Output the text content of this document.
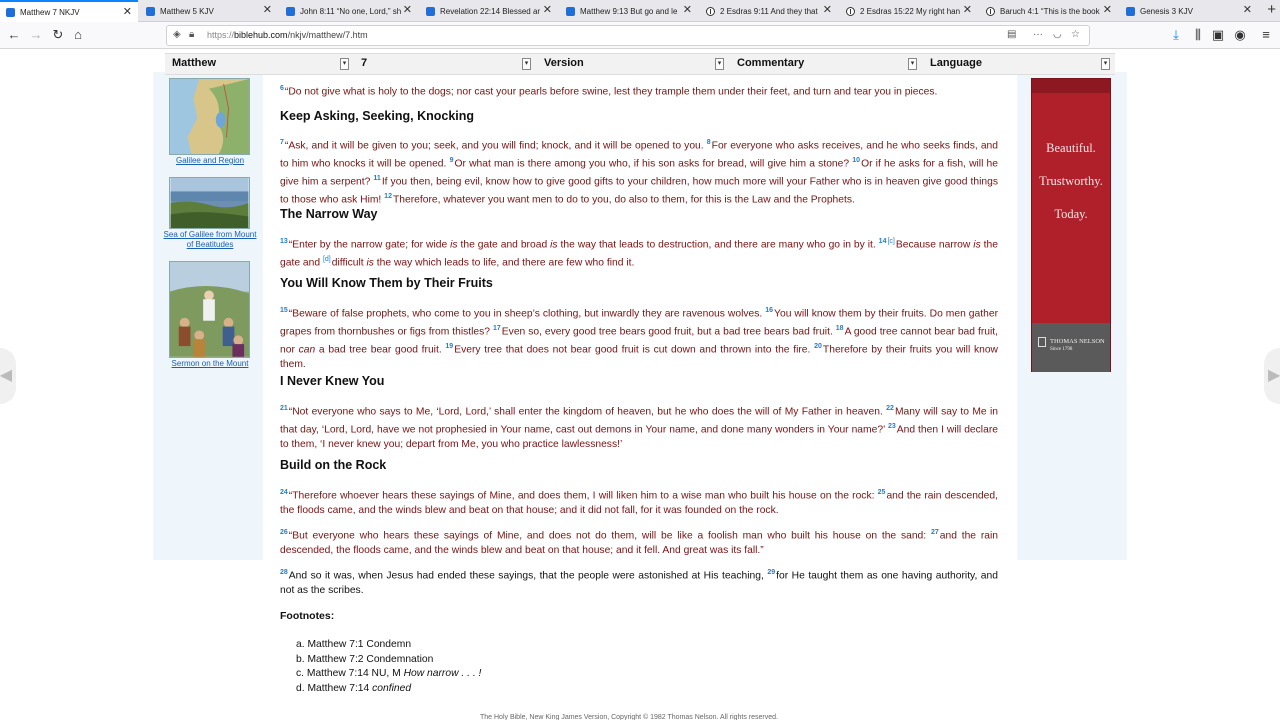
Matthew 7 NKJV	✕	Matthew 5 KJV	✕	John 8:11 “No one, Lord,” sh ✕	Revelation 22:14 Blessed ar ✕	Matthew 9:13 But go and le ✕	2 Esdras 9:11 And they that ✕	2 Esdras 15:22 My right han ✕	Baruch 4:1 “This is the book ✕	Genesis 3 KJV	✕ +
← → ↻ ⌂	◈ 🔒︎ https://biblehub.com/nkjv/matthew/7.htm	▤ ··· ◡ ☆	⤓	⫼ ▣ ◉	≡
Matthew	▾ 7	▾ Version	▾ Commentary	▾ Language	▾
Galilee and Region
Sea of Galilee from Mount of Beatitudes
Sermon on the Mount
$^6$“Do not give what is holy to the dogs; nor cast your pearls before swine, lest they trample them under their feet, and turn and tear you in pieces.
Keep Asking, Seeking, Knocking
$^7$“Ask, and it will be given to you; seek, and you will find; knock, and it will be opened to you. $^8$For everyone who asks receives, and he who seeks finds, and to him who knocks it will be opened. $^9$Or what man is there among you who, if his son asks for bread, will give him a stone? $^{10}$Or if he asks for a fish, will he give him a serpent? $^{11}$If you then, being evil, know how to give good gifts to your children, how much more will your Father who is in heaven give good things to those who ask Him! $^{12}$Therefore, whatever you want men to do to you, do also to them, for this is the Law and the Prophets.
The Narrow Way
$^{13}$“Enter by the narrow gate; for wide is the gate and broad is the way that leads to destruction, and there are many who go in by it. $^{14[c]}$Because narrow is the gate and [d]difficult is the way which leads to life, and there are few who find it.
You Will Know Them by Their Fruits
$^{15}$“Beware of false prophets, who come to you in sheep’s clothing, but inwardly they are ravenous wolves. $^{16}$You will know them by their fruits. Do men gather grapes from thornbushes or figs from thistles? $^{17}$Even so, every good tree bears good fruit, but a bad tree bears bad fruit. $^{18}$A good tree cannot bear bad fruit, nor can a bad tree bear good fruit. $^{19}$Every tree that does not bear good fruit is cut down and thrown into the fire. $^{20}$Therefore by their fruits you will know them.
I Never Knew You
$^{21}$“Not everyone who says to Me, ‘Lord, Lord,’ shall enter the kingdom of heaven, but he who does the will of My Father in heaven. $^{22}$Many will say to Me in that day, ‘Lord, Lord, have we not prophesied in Your name, cast out demons in Your name, and done many wonders in Your name?’ $^{23}$And then I will declare to them, ‘I never knew you; depart from Me, you who practice lawlessness!’
Build on the Rock
$^{24}$“Therefore whoever hears these sayings of Mine, and does them, I will liken him to a wise man who built his house on the rock: $^{25}$and the rain descended, the floods came, and the winds blew and beat on that house; and it did not fall, for it was founded on the rock.
$^{26}$“But everyone who hears these sayings of Mine, and does not do them, will be like a foolish man who built his house on the sand: $^{27}$and the rain descended, the floods came, and the winds blew and beat on that house; and it fell. And great was its fall.”
$^{28}$And so it was, when Jesus had ended these sayings, that the people were astonished at His teaching, $^{29}$for He taught them as one having authority, and not as the scribes.
Footnotes:
a. Matthew 7:1 Condemn
b. Matthew 7:2 Condemnation
c. Matthew 7:14 NU, M How narrow . . . !
d. Matthew 7:14 confined
The Holy Bible, New King James Version, Copyright © 1982 Thomas Nelson. All rights reserved.
Beautiful.
Trustworthy.
Today.
THOMAS NELSON
Since 1798
◀	▶
